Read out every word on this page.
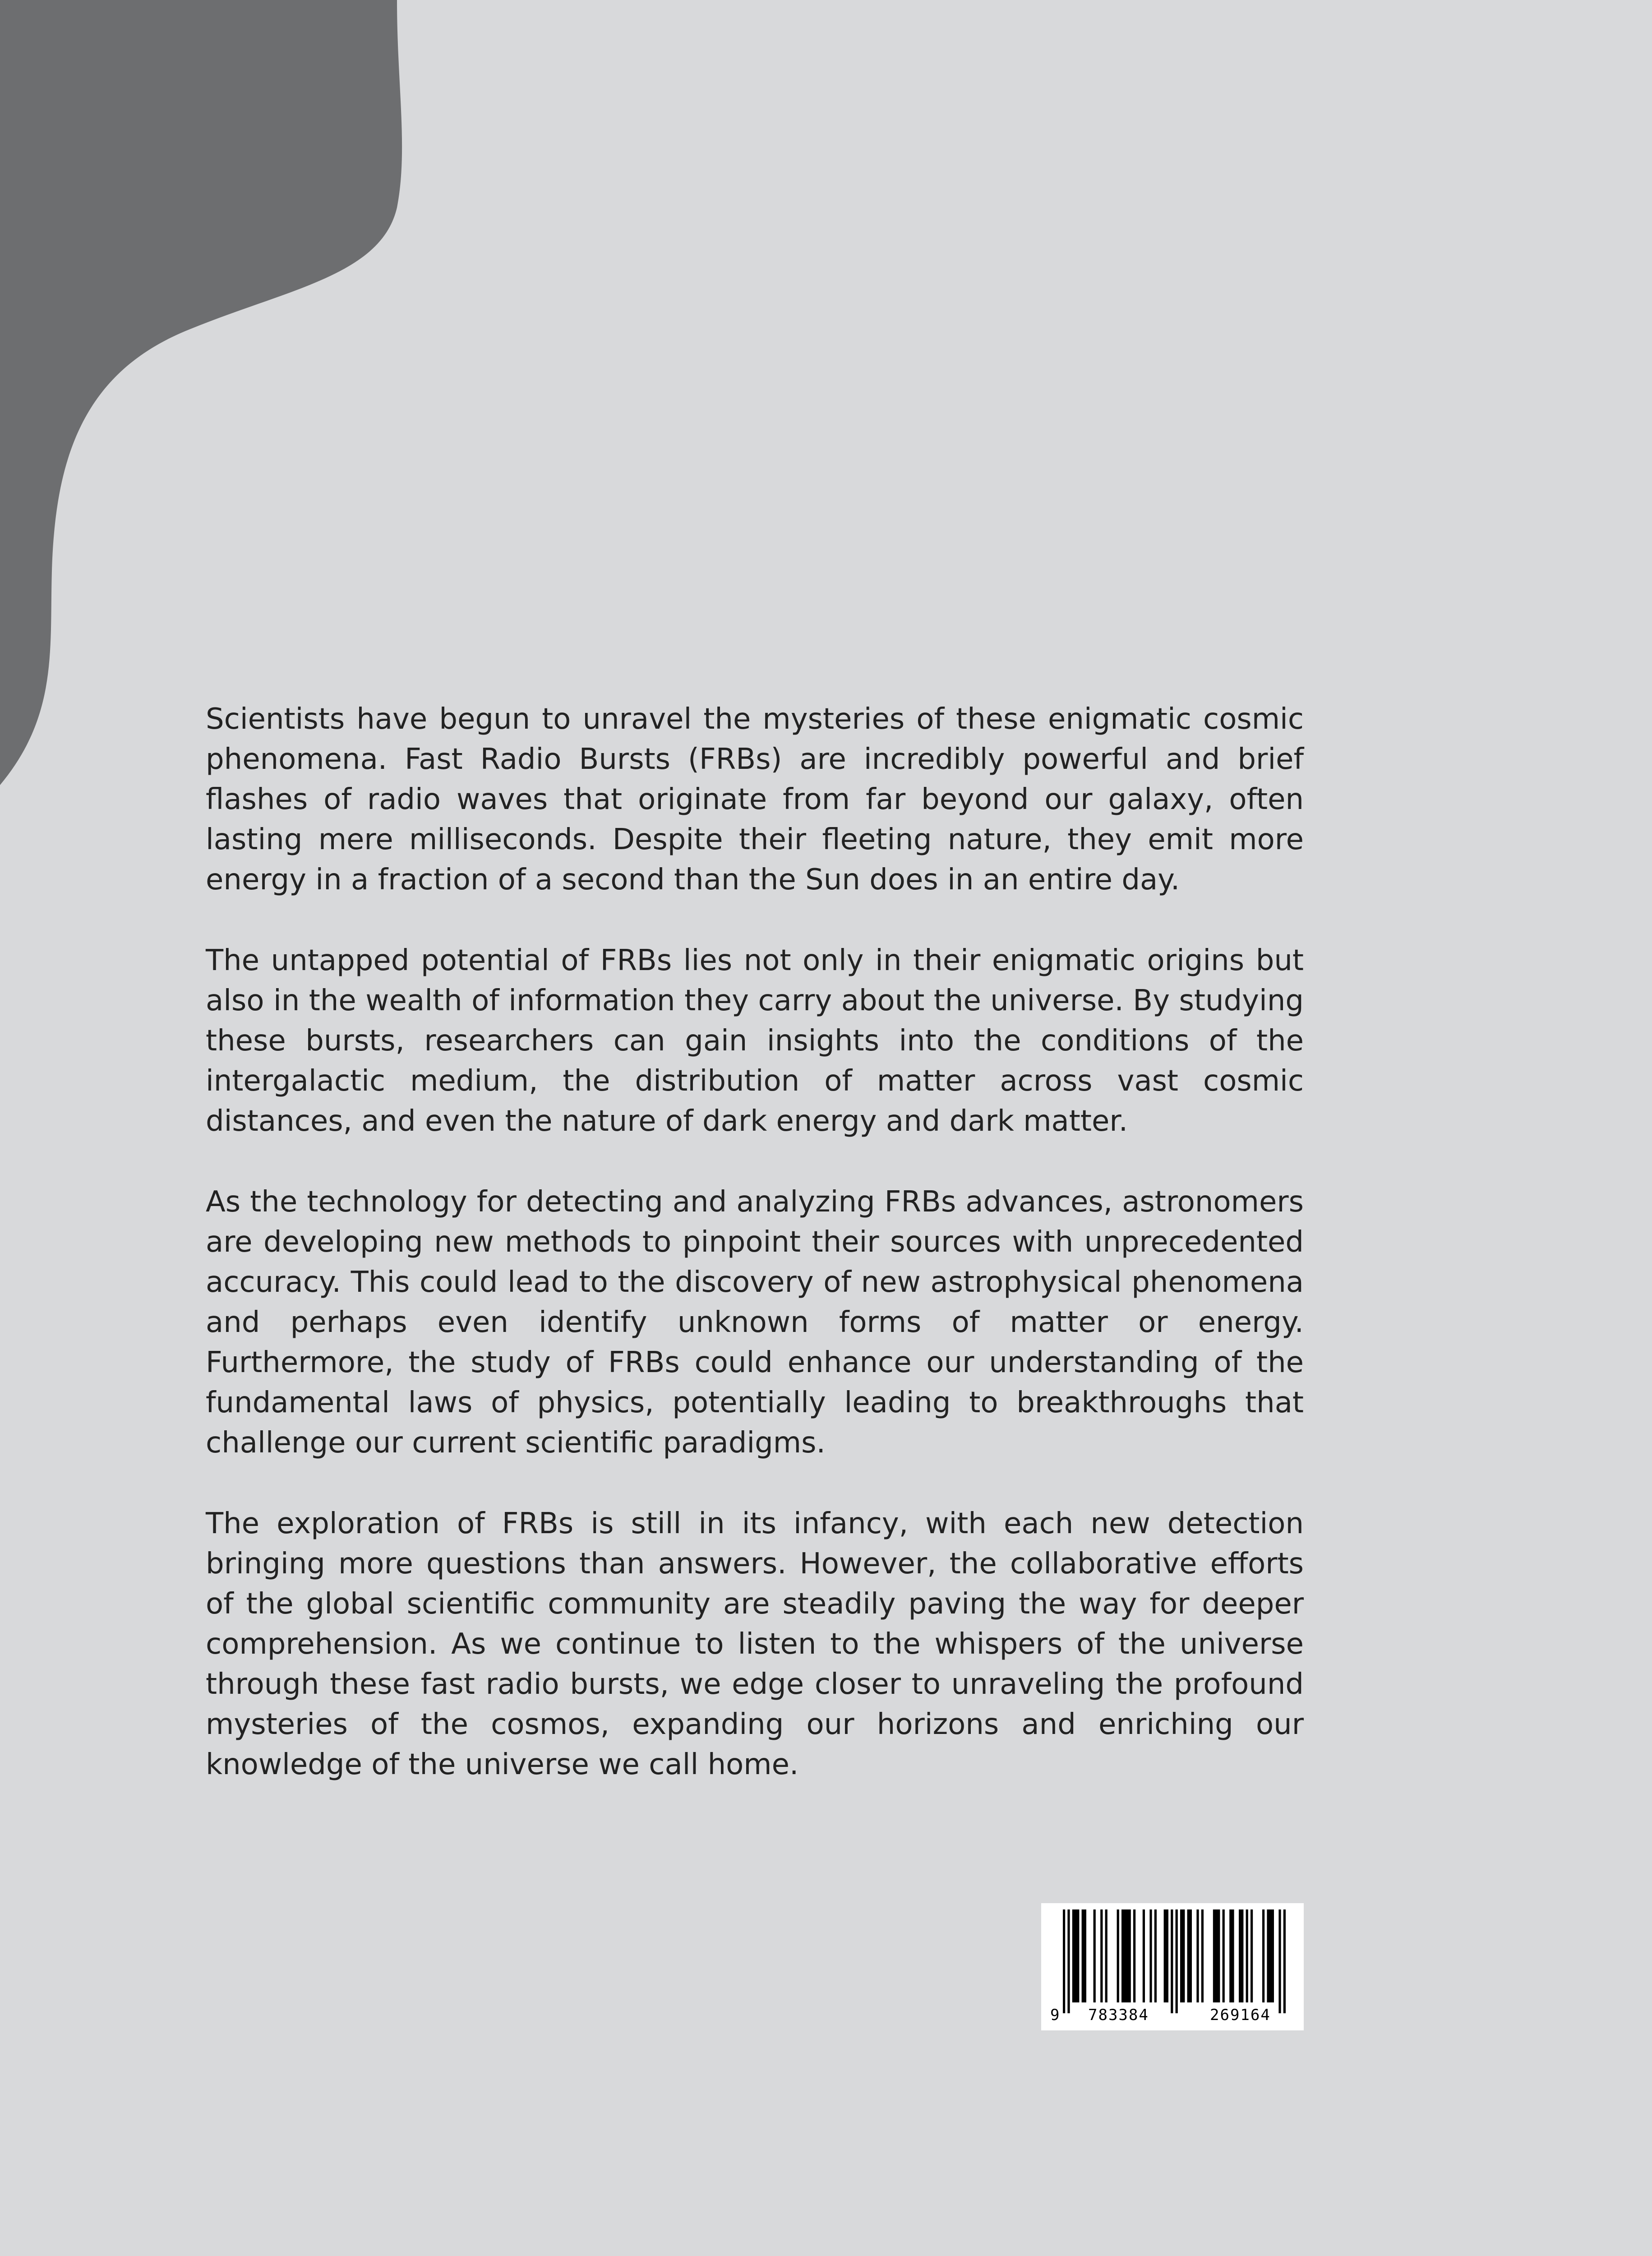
Scientists have begun to unravel the mysteries of these enigmatic cosmic phenomena. Fast Radio Bursts (FRBs) are incredibly powerful and brief flashes of radio waves that originate from far beyond our galaxy, often lasting mere milliseconds. Despite their fleeting nature, they emit more energy in a fraction of a second than the Sun does in an entire day.

The untapped potential of FRBs lies not only in their enigmatic origins but also in the wealth of information they carry about the universe. By studying these bursts, researchers can gain insights into the conditions of the intergalactic medium, the distribution of matter across vast cosmic distances, and even the nature of dark energy and dark matter.

As the technology for detecting and analyzing FRBs advances, astronomers are developing new methods to pinpoint their sources with unprecedented accuracy. This could lead to the discovery of new astrophysical phenomena and perhaps even identify unknown forms of matter or energy. Furthermore, the study of FRBs could enhance our understanding of the fundamental laws of physics, potentially leading to breakthroughs that challenge our current scientific paradigms.

The exploration of FRBs is still in its infancy, with each new detection bringing more questions than answers. However, the collaborative efforts of the global scientific community are steadily paving the way for deeper comprehension. As we continue to listen to the whispers of the universe through these fast radio bursts, we edge closer to unraveling the profound mysteries of the cosmos, expanding our horizons and enriching our knowledge of the universe we call home.

9 783384	269164
